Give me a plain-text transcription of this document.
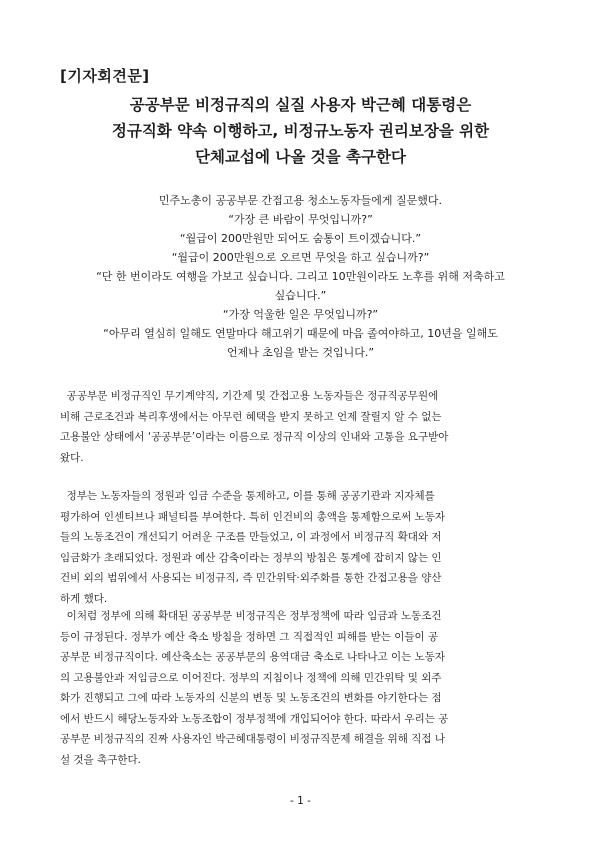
[기자회견문]
공공부문 비정규직의 실질 사용자 박근혜 대통령은
정규직화 약속 이행하고, 비정규노동자 권리보장을 위한
단체교섭에 나올 것을 촉구한다
민주노총이 공공부문 간접고용 청소노동자들에게 질문했다.
“가장 큰 바람이 무엇입니까?”
“월급이 200만원만 되어도 숨통이 트이겠습니다.”
“월급이 200만원으로 오르면 무엇을 하고 싶습니까?”
“단 한 번이라도 여행을 가보고 싶습니다. 그리고 10만원이라도 노후를 위해 저축하고
싶습니다.”
“가장 억울한 일은 무엇입니까?”
“아무리 열심히 일해도 연말마다 해고위기 때문에 마음 졸여야하고, 10년을 일해도
언제나 초임을 받는 것입니다.”
공공부문 비정규직인 무기계약직, 기간제 및 간접고용 노동자들은 정규직공무원에
비해 근로조건과 복리후생에서는 아무런 혜택을 받지 못하고 언제 잘릴지 알 수 없는
고용불안 상태에서 ‘공공부문’이라는 이름으로 정규직 이상의 인내와 고통을 요구받아
왔다.
정부는 노동자들의 정원과 임금 수준을 통제하고, 이를 통해 공공기관과 지자체를
평가하여 인센티브나 패널티를 부여한다. 특히 인건비의 총액을 통제함으로써 노동자
들의 노동조건이 개선되기 어려운 구조를 만들었고, 이 과정에서 비정규직 확대와 저
임금화가 초래되었다. 정원과 예산 감축이라는 정부의 방침은 통계에 잡히지 않는 인
건비 외의 범위에서 사용되는 비정규직, 즉 민간위탁·외주화를 통한 간접고용을 양산
하게 했다.
이처럼 정부에 의해 확대된 공공부문 비정규직은 정부정책에 따라 임금과 노동조건
등이 규정된다. 정부가 예산 축소 방침을 정하면 그 직접적인 피해를 받는 이들이 공
공부문 비정규직이다. 예산축소는 공공부문의 용역대금 축소로 나타나고 이는 노동자
의 고용불안과 저임금으로 이어진다. 정부의 지침이나 정책에 의해 민간위탁 및 외주
화가 진행되고 그에 따라 노동자의 신분의 변동 및 노동조건의 변화를 야기한다는 점
에서 반드시 해당노동자와 노동조합이 정부정책에 개입되어야 한다. 따라서 우리는 공
공부문 비정규직의 진짜 사용자인 박근혜대통령이 비정규직문제 해결을 위해 직접 나
설 것을 촉구한다.
- 1 -
